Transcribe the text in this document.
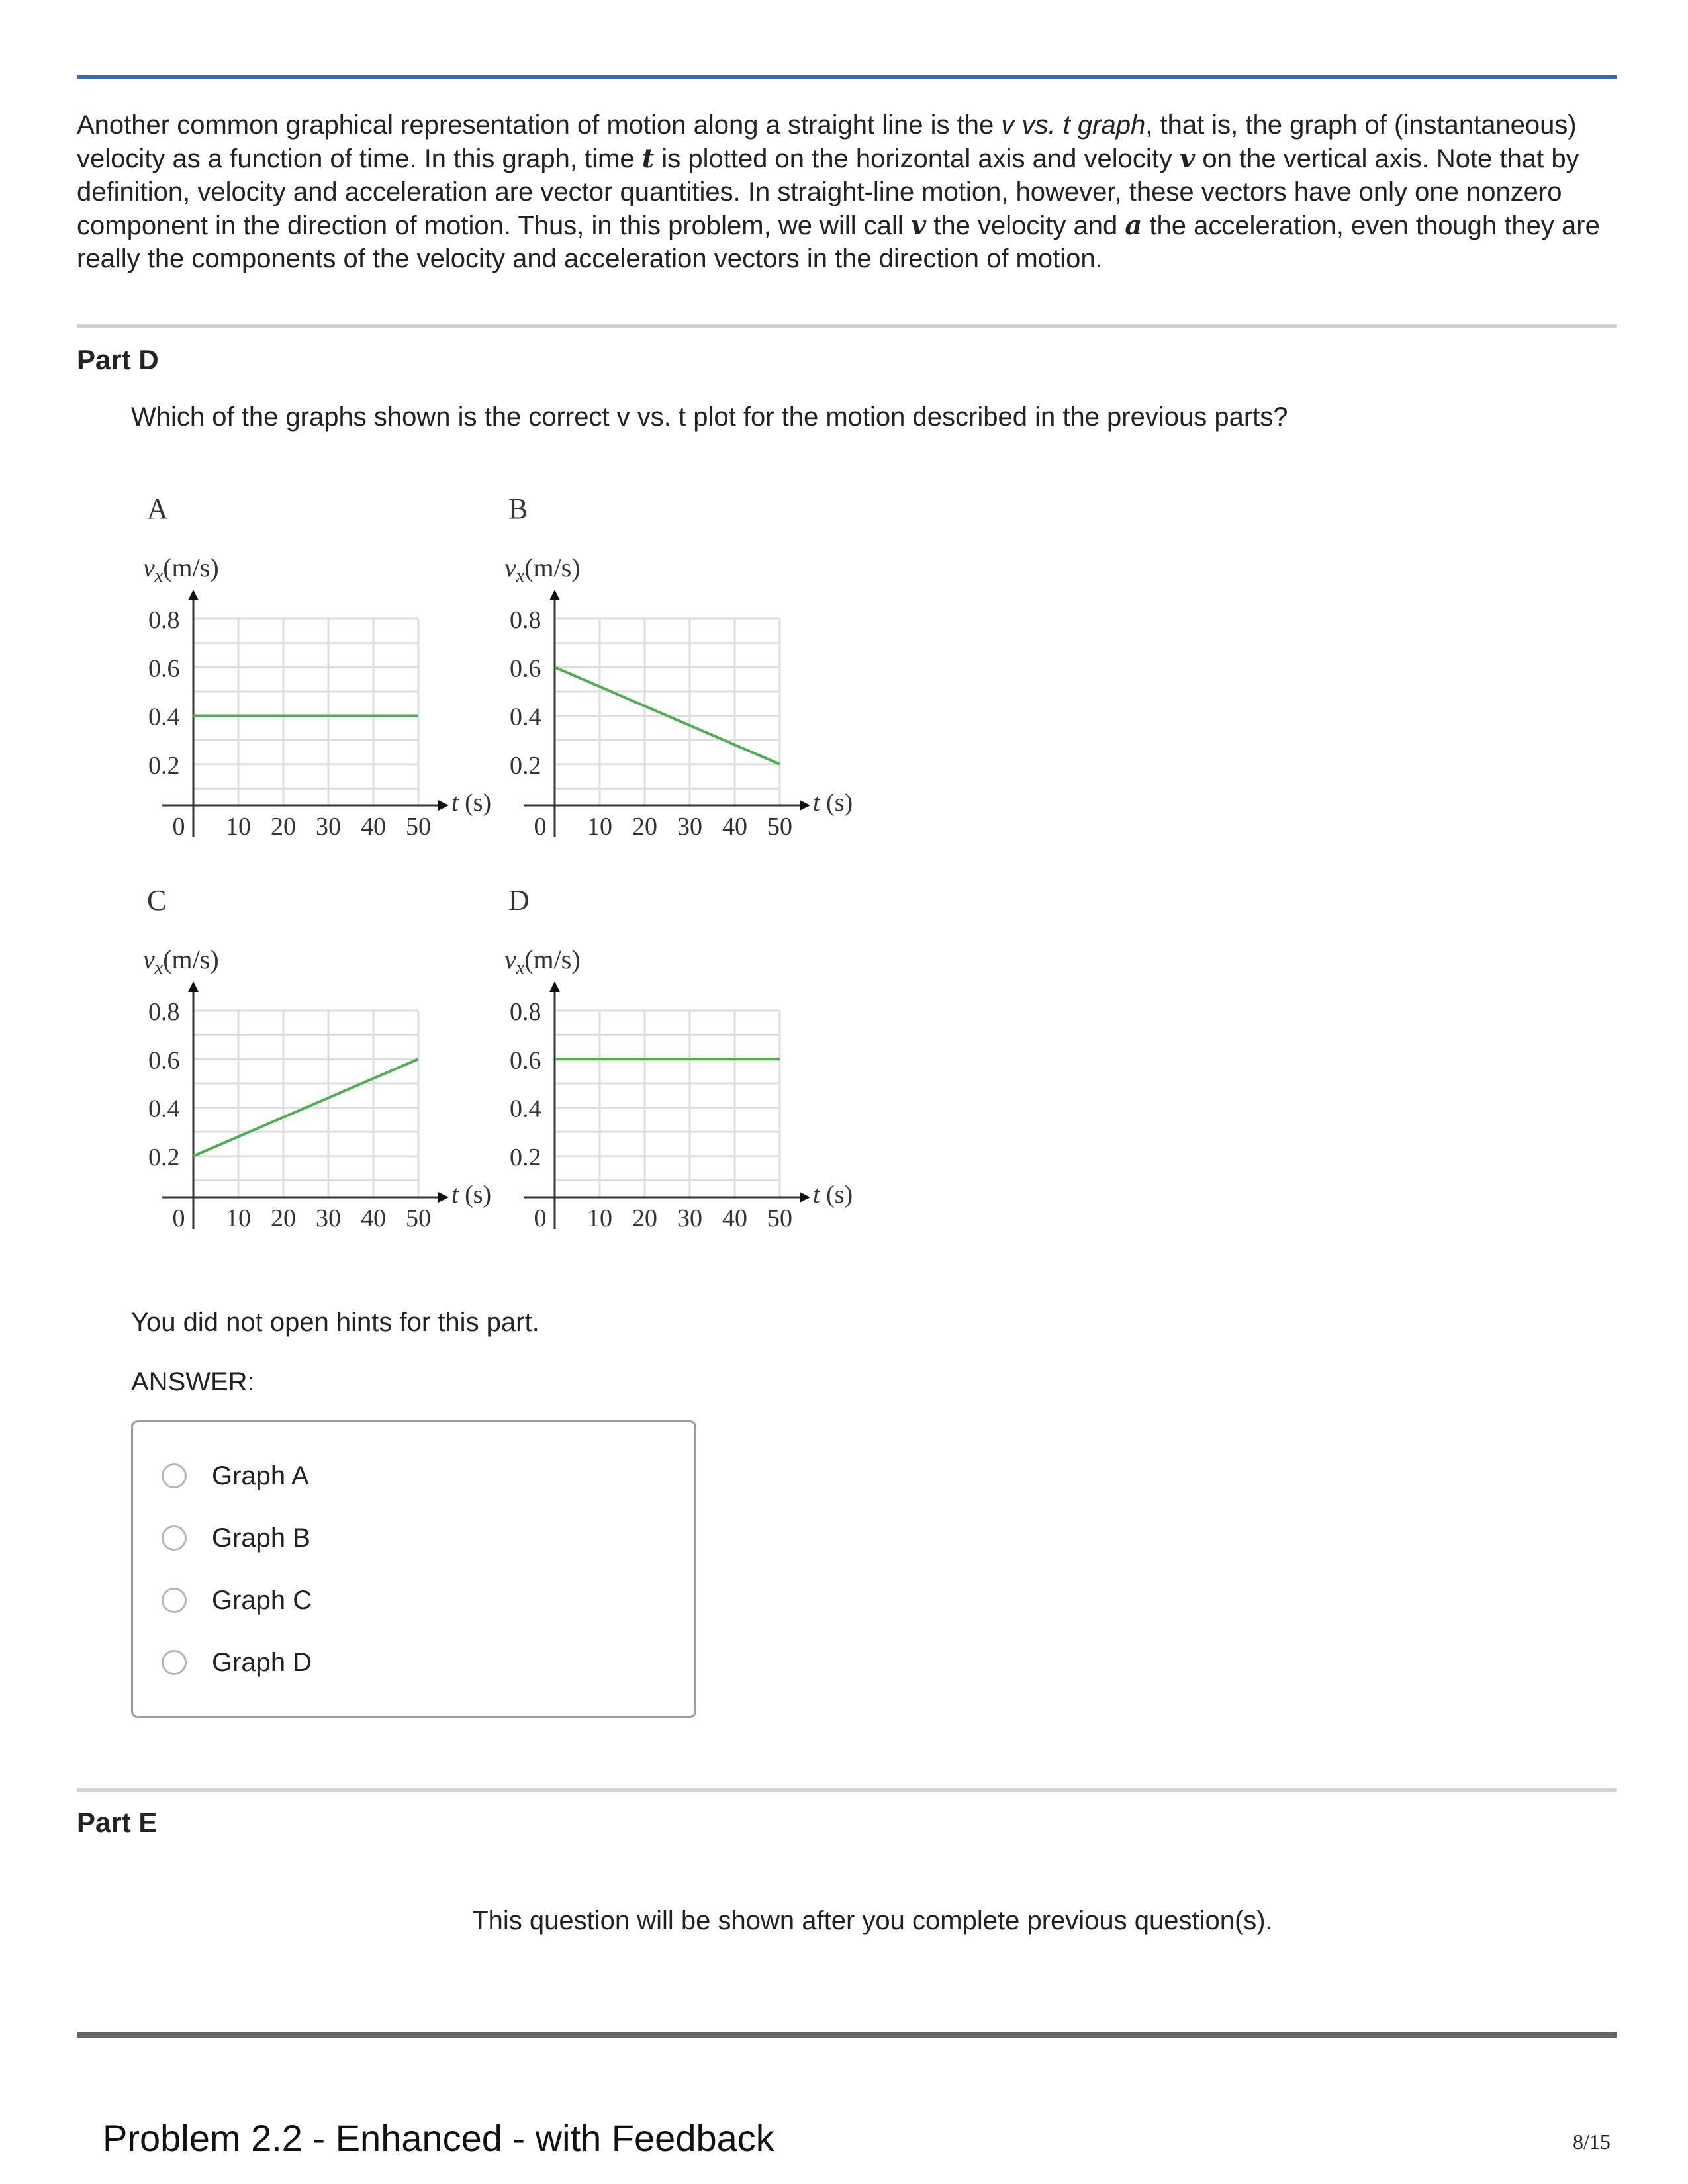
Another common graphical representation of motion along a straight line is the v vs. t graph, that is, the graph of (instantaneous) velocity as a function of time. In this graph, time t is plotted on the horizontal axis and velocity v on the vertical axis. Note that by definition, velocity and acceleration are vector quantities. In straight-line motion, however, these vectors have only one nonzero component in the direction of motion. Thus, in this problem, we will call v the velocity and a the acceleration, even though they are really the components of the velocity and acceleration vectors in the direction of motion.
Part D
Which of the graphs shown is the correct v vs. t plot for the motion described in the previous parts?
A
$v_x(m/s)$
t (s)
0.8
0.6
0.4
0.2
0 10 20 30 40 50
B
$v_x(m/s)$
t (s)
0.8
0.6
0.4
0.2
0 10 20 30 40 50
C
$v_x(m/s)$
t (s)
0.8
0.6
0.4
0.2
0 10 20 30 40 50
D
$v_x(m/s)$
t (s)
0.8
0.6
0.4
0.2
0 10 20 30 40 50
You did not open hints for this part.
ANSWER:
Graph A
Graph B
Graph C
Graph D
Part E
This question will be shown after you complete previous question(s).
Problem 2.2 - Enhanced - with Feedback	8/15
